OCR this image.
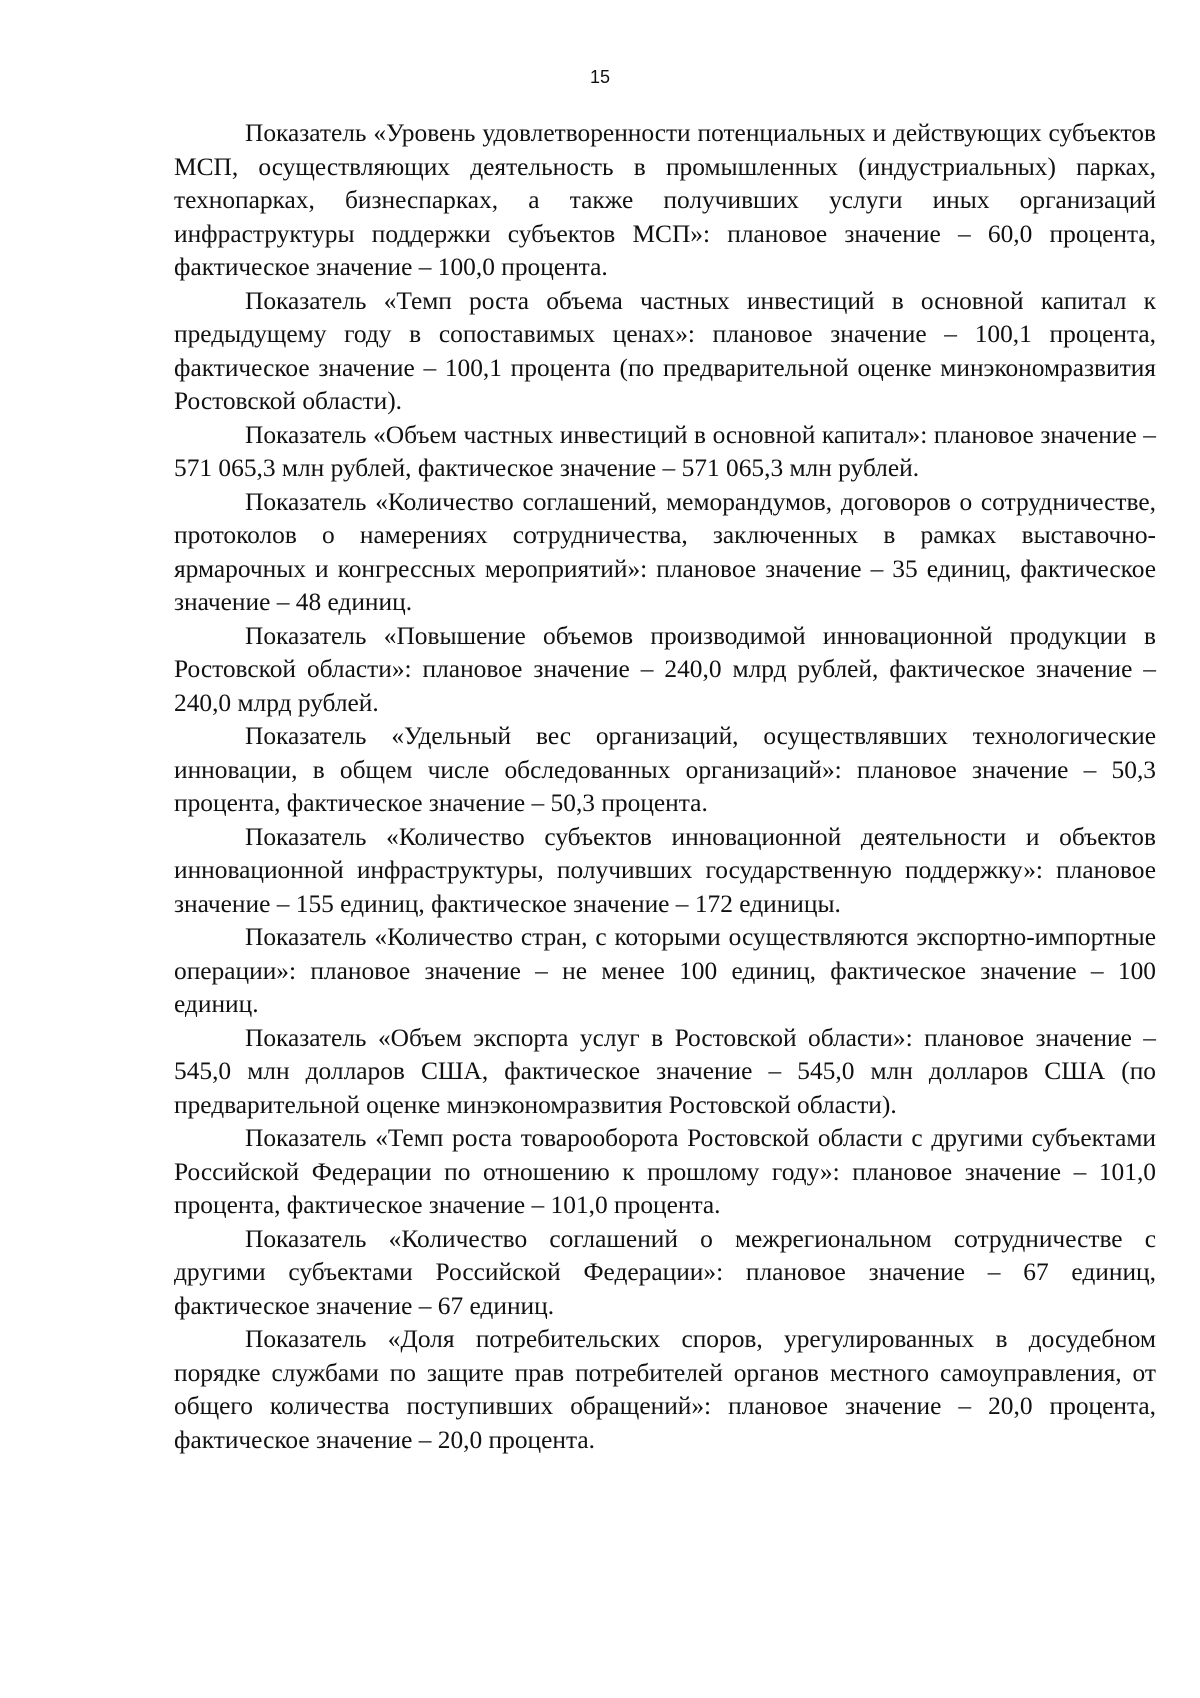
15

Показатель «Уровень удовлетворенности потенциальных и действующих субъектов МСП, осуществляющих деятельность в промышленных (индустриальных) парках, технопарках, бизнеспарках, а также получивших услуги иных организаций инфраструктуры поддержки субъектов МСП»: плановое значение – 60,0 процента, фактическое значение – 100,0 процента.

Показатель «Темп роста объема частных инвестиций в основной капитал к предыдущему году в сопоставимых ценах»: плановое значение – 100,1 процента, фактическое значение – 100,1 процента (по предварительной оценке минэкономразвития Ростовской области).

Показатель «Объем частных инвестиций в основной капитал»: плановое значение – 571 065,3 млн рублей, фактическое значение – 571 065,3 млн рублей.

Показатель «Количество соглашений, меморандумов, договоров о сотрудничестве, протоколов о намерениях сотрудничества, заключенных в рамках выставочно-ярмарочных и конгрессных мероприятий»: плановое значение – 35 единиц, фактическое значение – 48 единиц.

Показатель «Повышение объемов производимой инновационной продукции в Ростовской области»: плановое значение – 240,0 млрд рублей, фактическое значение – 240,0 млрд рублей.

Показатель «Удельный вес организаций, осуществлявших технологические инновации, в общем числе обследованных организаций»: плановое значение – 50,3 процента, фактическое значение – 50,3 процента.

Показатель «Количество субъектов инновационной деятельности и объектов инновационной инфраструктуры, получивших государственную поддержку»: плановое значение – 155 единиц, фактическое значение – 172 единицы.

Показатель «Количество стран, с которыми осуществляются экспортно-импортные операции»: плановое значение – не менее 100 единиц, фактическое значение – 100 единиц.

Показатель «Объем экспорта услуг в Ростовской области»: плановое значение – 545,0 млн долларов США, фактическое значение – 545,0 млн долларов США (по предварительной оценке минэкономразвития Ростовской области).

Показатель «Темп роста товарооборота Ростовской области с другими субъектами Российской Федерации по отношению к прошлому году»: плановое значение – 101,0 процента, фактическое значение – 101,0 процента.

Показатель «Количество соглашений о межрегиональном сотрудничестве с другими субъектами Российской Федерации»: плановое значение – 67 единиц, фактическое значение – 67 единиц.

Показатель «Доля потребительских споров, урегулированных в досудебном порядке службами по защите прав потребителей органов местного самоуправления, от общего количества поступивших обращений»: плановое значение – 20,0 процента, фактическое значение – 20,0 процента.
